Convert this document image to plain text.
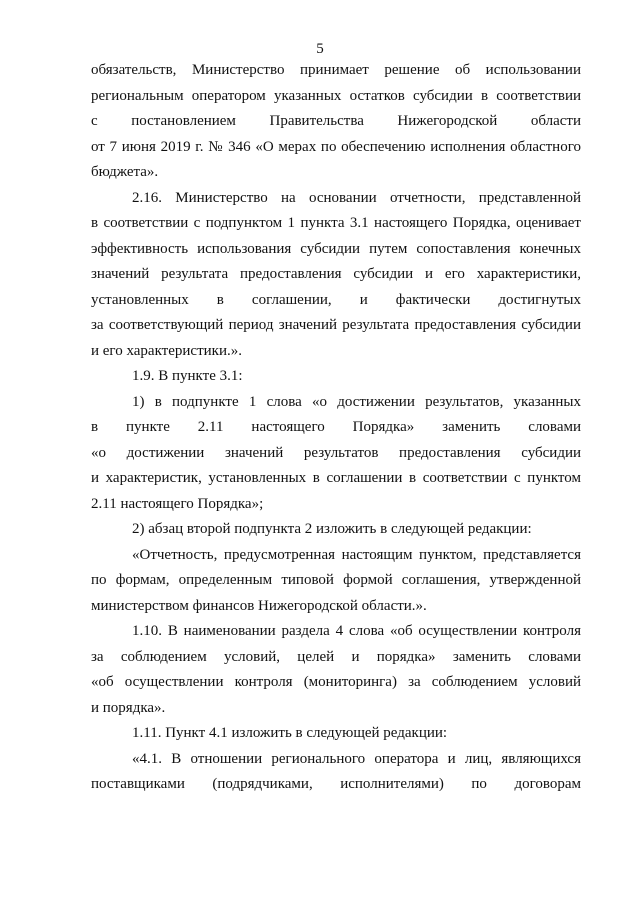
5
обязательств, Министерство принимает решение об использовании
региональным оператором указанных остатков субсидии в соответствии
с постановлением Правительства Нижегородской области
от 7 июня 2019 г. № 346 «О мерах по обеспечению исполнения областного
бюджета».
2.16. Министерство на основании отчетности, представленной
в соответствии с подпунктом 1 пункта 3.1 настоящего Порядка, оценивает
эффективность использования субсидии путем сопоставления конечных
значений результата предоставления субсидии и его характеристики,
установленных в соглашении, и фактически достигнутых
за соответствующий период значений результата предоставления субсидии
и его характеристики.».
1.9. В пункте 3.1:
1) в подпункте 1 слова «о достижении результатов, указанных
в пункте 2.11 настоящего Порядка» заменить словами
«о достижении значений результатов предоставления субсидии
и характеристик, установленных в соглашении в соответствии с пунктом
2.11 настоящего Порядка»;
2) абзац второй подпункта 2 изложить в следующей редакции:
«Отчетность, предусмотренная настоящим пунктом, представляется
по формам, определенным типовой формой соглашения, утвержденной
министерством финансов Нижегородской области.».
1.10. В наименовании раздела 4 слова «об осуществлении контроля
за соблюдением условий, целей и порядка» заменить словами
«об осуществлении контроля (мониторинга) за соблюдением условий
и порядка».
1.11. Пункт 4.1 изложить в следующей редакции:
«4.1. В отношении регионального оператора и лиц, являющихся
поставщиками (подрядчиками, исполнителями) по договорам
